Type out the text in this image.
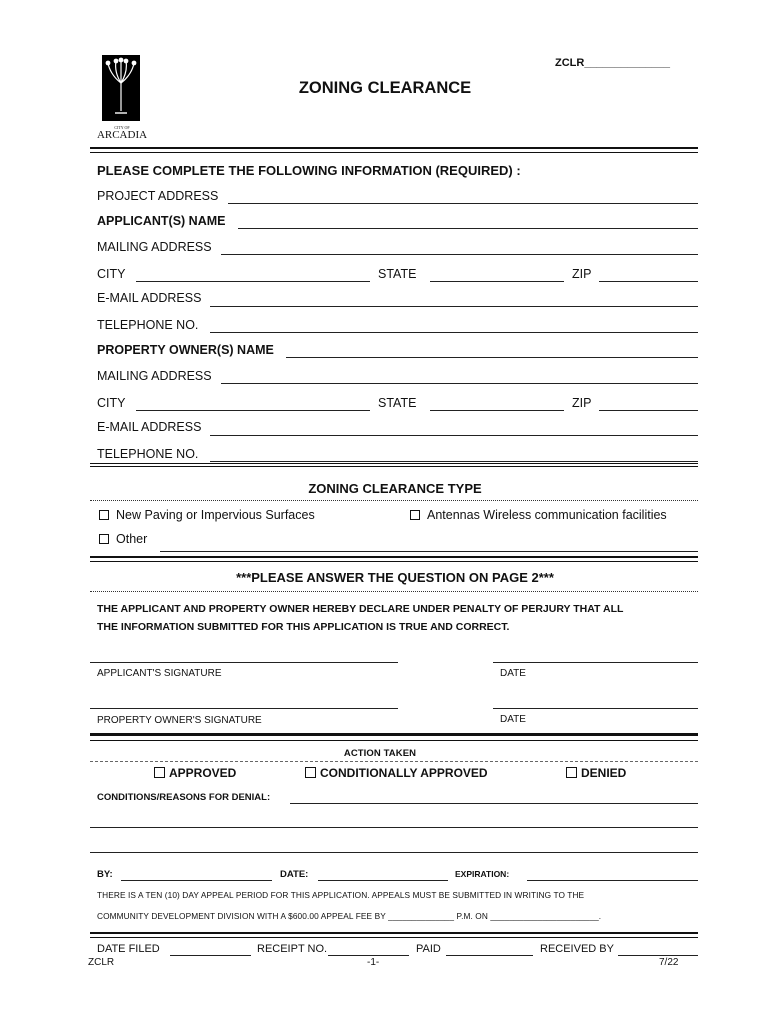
CITY OF
ARCADIA
ZCLR______________
ZONING CLEARANCE
PLEASE COMPLETE THE FOLLOWING INFORMATION (REQUIRED) :
PROJECT ADDRESS
APPLICANT(S) NAME
MAILING ADDRESS
CITY	STATE	ZIP
E-MAIL ADDRESS
TELEPHONE NO.
PROPERTY OWNER(S) NAME
MAILING ADDRESS
CITY	STATE	ZIP
E-MAIL ADDRESS
TELEPHONE NO.
ZONING CLEARANCE TYPE
New Paving or Impervious Surfaces	Antennas Wireless communication facilities
Other
***PLEASE ANSWER THE QUESTION ON PAGE 2***
THE APPLICANT AND PROPERTY OWNER HEREBY DECLARE UNDER PENALTY OF PERJURY THAT ALL
THE INFORMATION SUBMITTED FOR THIS APPLICATION IS TRUE AND CORRECT.
APPLICANT'S SIGNATURE	DATE
PROPERTY OWNER'S SIGNATURE	DATE
ACTION TAKEN
APPROVED	CONDITIONALLY APPROVED	DENIED
CONDITIONS/REASONS FOR DENIAL:
BY:	DATE:	EXPIRATION:
THERE IS A TEN (10) DAY APPEAL PERIOD FOR THIS APPLICATION. APPEALS MUST BE SUBMITTED IN WRITING TO THE
COMMUNITY DEVELOPMENT DIVISION WITH A $600.00 APPEAL FEE BY ______________ P.M. ON _______________________.
DATE FILED	RECEIPT NO.	PAID	RECEIVED BY
ZCLR	-1-	7/22
